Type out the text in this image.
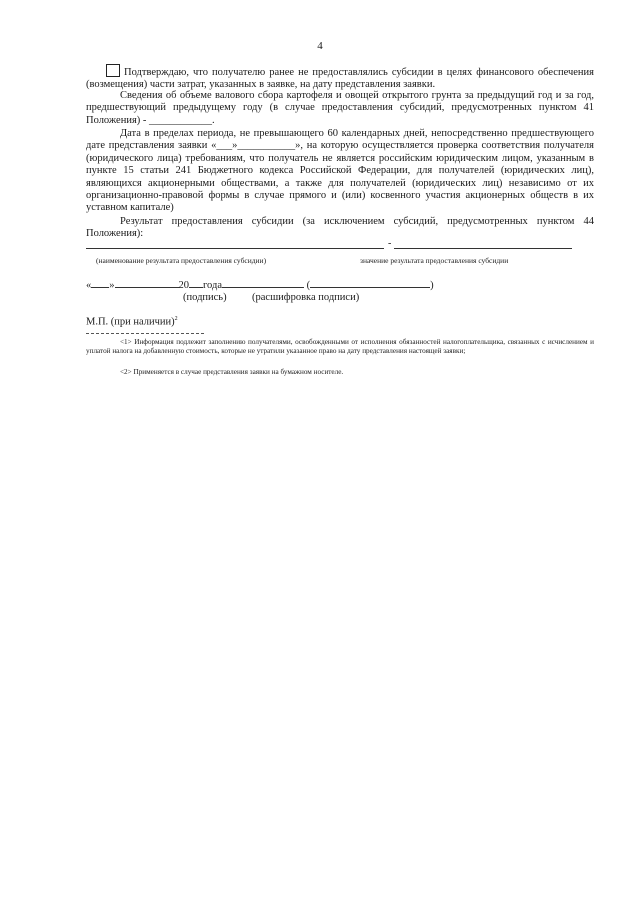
4

Подтверждаю, что получателю ранее не предоставлялись субсидии в целях финансового обеспечения (возмещения) части затрат, указанных в заявке, на дату представления заявки.

Сведения об объеме валового сбора картофеля и овощей открытого грунта за предыдущий год и за год, предшествующий предыдущему году (в случае предоставления субсидий, предусмотренных пунктом 41 Положения) - ____________.

Дата в пределах периода, не превышающего 60 календарных дней, непосредственно предшествующего дате представления заявки «___»___________», на которую осуществляется проверка соответствия получателя (юридического лица) требованиям, что получатель не является российским юридическим лицом, указанным в пункте 15 статьи 241 Бюджетного кодекса Российской Федерации, для получателей (юридических лиц), являющихся акционерными обществами, а также для получателей (юридических лиц) независимо от их организационно-правовой формы в случае прямого и (или) косвенного участия акционерных обществ в их уставном капитале)

Результат предоставления субсидии (за исключением субсидий, предусмотренных пунктом 44 Положения):

-
(наименование результата предоставления субсидии)	значение результата предоставления субсидии
« »	20 года	(	)
(подпись) (расшифровка подписи)
М.П. (при наличии)$^2$

<1> Информация подлежит заполнению получателями, освобожденными от исполнения обязанностей налогоплательщика, связанных с исчислением и уплатой налога на добавленную стоимость, которые не утратили указанное право на дату представления настоящей заявки;

<2> Применяется в случае представления заявки на бумажном носителе.
